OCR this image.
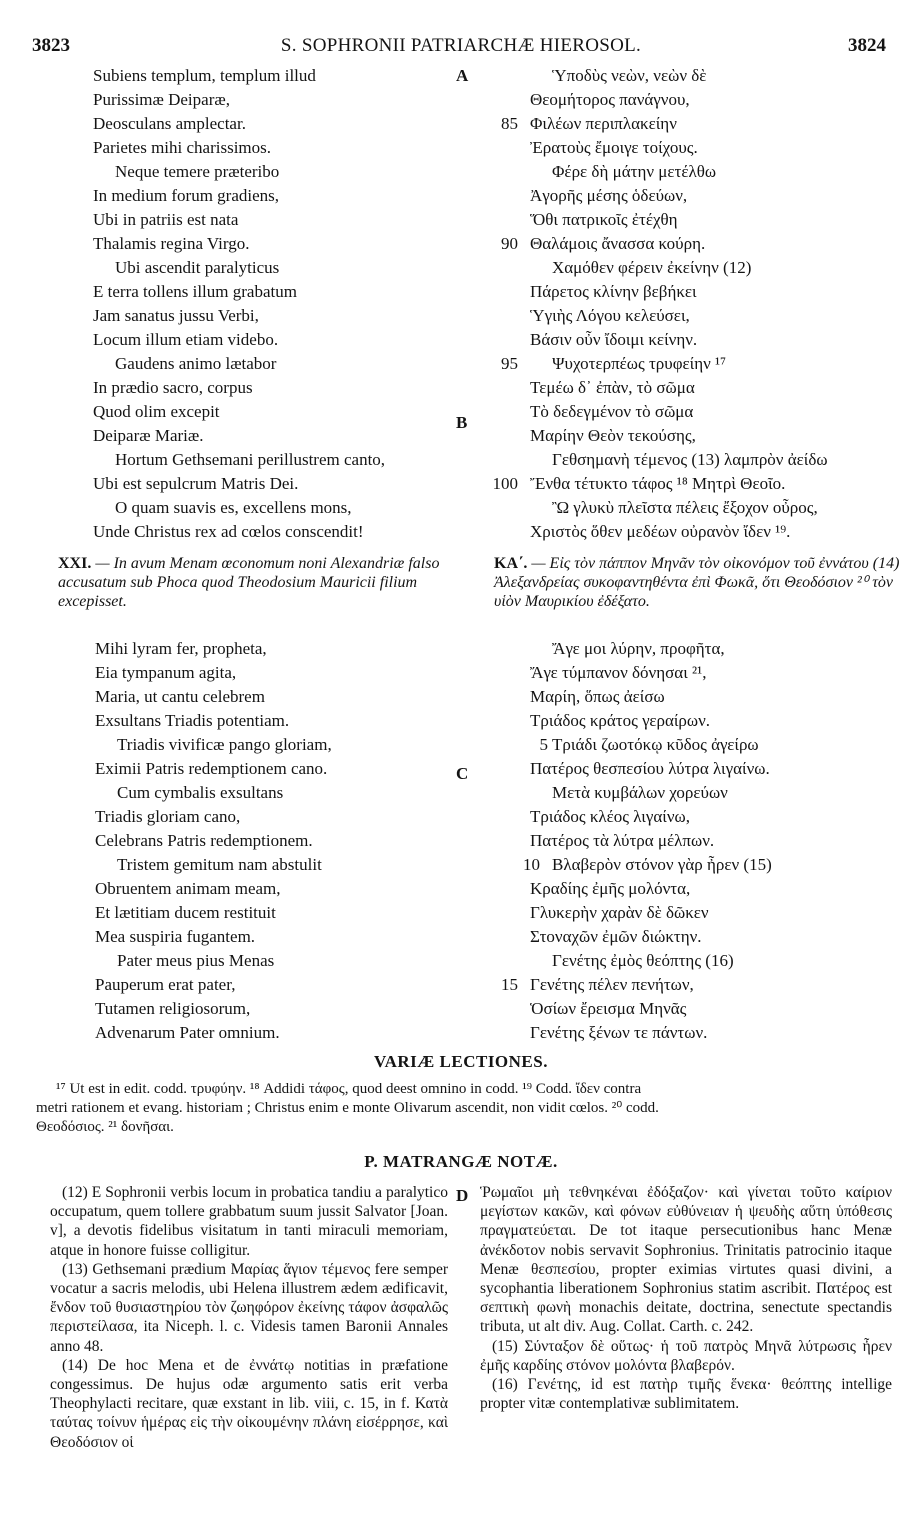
3823	S. SOPHRONII PATRIARCHÆ HIEROSOL.	3824
A
B
C
D
Subiens templum, templum illud
Purissimæ Deiparæ,
Deosculans amplectar.
Parietes mihi charissimos.
Neque temere præteribo
In medium forum gradiens,
Ubi in patriis est nata
Thalamis regina Virgo.
Ubi ascendit paralyticus
E terra tollens illum grabatum
Jam sanatus jussu Verbi,
Locum illum etiam videbo.
Gaudens animo lætabor
In prædio sacro, corpus
Quod olim excepit
Deiparæ Mariæ.
Hortum Gethsemani perillustrem canto,
Ubi est sepulcrum Matris Dei.
O quam suavis es, excellens mons,
Unde Christus rex ad cœlos conscendit!
Ὑποδὺς νεὼν, νεὼν δὲ
Θεομήτορος πανάγνου,
85 Φιλέων περιπλακείην
Ἐρατοὺς ἔμοιγε τοίχους.
Φέρε δὴ μάτην μετέλθω
Ἀγορῆς μέσης ὁδεύων,
Ὅθι πατρικοῖς ἐτέχθη
90 Θαλάμοις ἄνασσα κούρη.
Χαμόθεν φέρειν ἐκείνην (12)
Πάρετος κλίνην βεβήκει
Ὑγιὴς Λόγου κελεύσει,
Βάσιν οὖν ἴδοιμι κείνην.
95 Ψυχοτερπέως τρυφείην ¹⁷
Τεμέω δ᾽ ἐπὰν, τὸ σῶμα
Τὸ δεδεγμένον τὸ σῶμα
Μαρίην Θεὸν τεκούσης,
Γεθσημανὴ τέμενος (13) λαμπρὸν ἀείδω
100 Ἔνθα τέτυκτο τάφος ¹⁸ Μητρὶ Θεοῖο.
Ὢ γλυκὺ πλεῖστα πέλεις ἔξοχον οὖρος,
Χριστὸς ὅθεν μεδέων οὐρανὸν ἴδεν ¹⁹.
XXI. — In avum Menam œconomum noni Alexandriæ falso accusatum sub Phoca quod Theodosium Mauricii filium excepisset.
ΚΑ΄. — Εἰς τὸν πάππον Μηνᾶν τὸν οἰκονόμον τοῦ ἐννάτου (14) Ἀλεξανδρείας συκοφαντηθέντα ἐπὶ Φωκᾶ, ὅτι Θεοδόσιον ²⁰ τὸν υἱὸν Μαυρικίου ἐδέξατο.
Mihi lyram fer, propheta,
Eia tympanum agita,
Maria, ut cantu celebrem
Exsultans Triadis potentiam.
Triadis vivificæ pango gloriam,
Eximii Patris redemptionem cano.
Cum cymbalis exsultans
Triadis gloriam cano,
Celebrans Patris redemptionem.
Tristem gemitum nam abstulit
Obruentem animam meam,
Et lætitiam ducem restituit
Mea suspiria fugantem.
Pater meus pius Menas
Pauperum erat pater,
Tutamen religiosorum,
Advenarum Pater omnium.
Ἄγε μοι λύρην, προφῆτα,
Ἄγε τύμπανον δόνησαι ²¹,
Μαρίη, ὅπως ἀείσω
Τριάδος κράτος γεραίρων.
5 Τριάδι ζωοτόκῳ κῦδος ἀγείρω
Πατέρος θεσπεσίου λύτρα λιγαίνω.
Μετὰ κυμβάλων χορεύων
Τριάδος κλέος λιγαίνω,
Πατέρος τὰ λύτρα μέλπων.
10 Βλαβερὸν στόνον γὰρ ἦρεν (15)
Κραδίης ἐμῆς μολόντα,
Γλυκερὴν χαρὰν δὲ δῶκεν
Στοναχῶν ἐμῶν διώκτην.
Γενέτης ἐμὸς θεόπτης (16)
15 Γενέτης πέλεν πενήτων,
Ὁσίων ἔρεισμα Μηνᾶς
Γενέτης ξένων τε πάντων.
VARIÆ LECTIONES.

¹⁷ Ut est in edit. codd. τρυφύην. ¹⁸ Addidi τάφος, quod deest omnino in codd. ¹⁹ Codd. ἴδεν contra

metri rationem et evang. historiam ; Christus enim e monte Olivarum ascendit, non vidit cœlos. ²⁰ codd.

Θεοδόσιος. ²¹ δονῆσαι.

P. MATRANGÆ NOTÆ.

(12) E Sophronii verbis locum in probatica tandiu a paralytico occupatum, quem tollere grabbatum suum jussit Salvator [Joan. v], a devotis fidelibus visitatum in tanti miraculi memoriam, atque in honore fuisse colligitur.

(13) Gethsemani prædium Μαρίας ἅγιον τέμενος fere semper vocatur a sacris melodis, ubi Helena illustrem ædem ædificavit, ἔνδον τοῦ θυσιαστηρίου τὸν ζωηφόρον ἐκείνης τάφον ἀσφαλῶς περιστείλασα, ita Niceph. l. c. Videsis tamen Baronii Annales anno 48.

(14) De hoc Mena et de ἐννάτῳ notitias in præfatione congessimus. De hujus odæ argumento satis erit verba Theophylacti recitare, quæ exstant in lib. viii, c. 15, in f. Κατὰ ταύτας τοίνυν ἡμέρας εἰς τὴν οἰκουμένην πλάνη εἰσέρρησε, καὶ Θεοδόσιον οἱ

Ῥωμαῖοι μὴ τεθνηκέναι ἐδόξαζον· καὶ γίνεται τοῦτο καίριον μεγίστων κακῶν, καὶ φόνων εὐθύνειαν ἡ ψευδὴς αὕτη ὑπόθεσις πραγματεύεται. De tot itaque persecutionibus hanc Menæ ἀνέκδοτον nobis servavit Sophronius. Trinitatis patrocinio itaque Menæ θεσπεσίου, propter eximias virtutes quasi divini, a sycophantia liberationem Sophronius statim ascribit. Πατέρος est σεπτικὴ φωνὴ monachis deitate, doctrina, senectute spectandis tributa, ut alt div. Aug. Collat. Carth. c. 242.

(15) Σύνταξον δὲ οὕτως· ἡ τοῦ πατρὸς Μηνᾶ λύτρωσις ἦρεν ἐμῆς καρδίης στόνον μολόντα βλαβερόν.

(16) Γενέτης, id est πατὴρ τιμῆς ἕνεκα· θεόπτης intellige propter vitæ contemplativæ sublimitatem.
